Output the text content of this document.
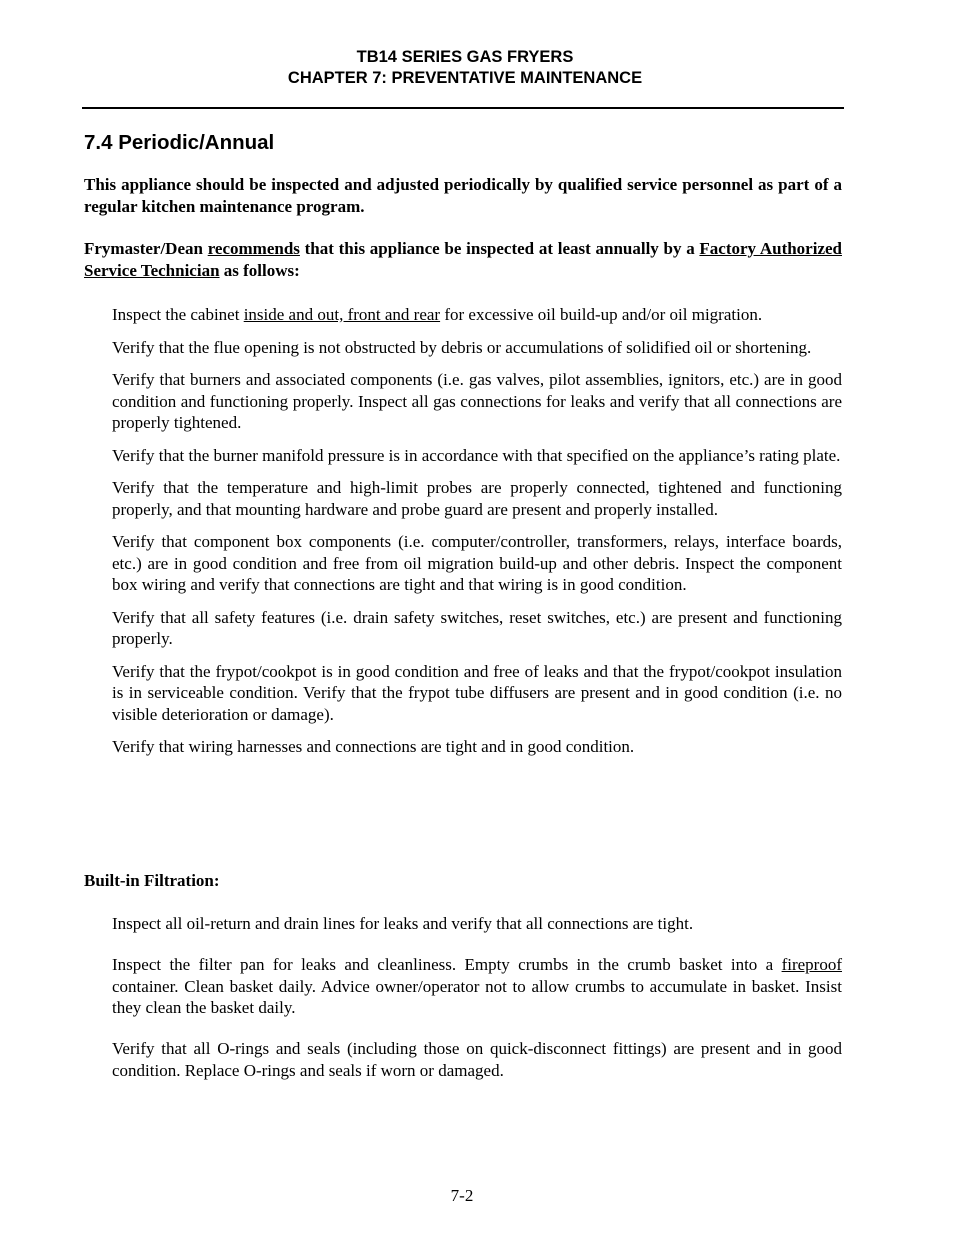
TB14 SERIES GAS FRYERS
CHAPTER 7: PREVENTATIVE MAINTENANCE
7.4 Periodic/Annual

This appliance should be inspected and adjusted periodically by qualified service personnel as part of a regular kitchen maintenance program.

Frymaster/Dean recommends that this appliance be inspected at least annually by a Factory Authorized Service Technician as follows:

Inspect the cabinet inside and out, front and rear for excessive oil build-up and/or oil migration.
Verify that the flue opening is not obstructed by debris or accumulations of solidified oil or shortening.
Verify that burners and associated components (i.e. gas valves, pilot assemblies, ignitors, etc.) are in good condition and functioning properly. Inspect all gas connections for leaks and verify that all connections are properly tightened.
Verify that the burner manifold pressure is in accordance with that specified on the appliance’s rating plate.
Verify that the temperature and high-limit probes are properly connected, tightened and functioning properly, and that mounting hardware and probe guard are present and properly installed.
Verify that component box components (i.e. computer/controller, transformers, relays, interface boards, etc.) are in good condition and free from oil migration build-up and other debris. Inspect the component box wiring and verify that connections are tight and that wiring is in good condition.
Verify that all safety features (i.e. drain safety switches, reset switches, etc.) are present and functioning properly.
Verify that the frypot/cookpot is in good condition and free of leaks and that the frypot/cookpot insulation is in serviceable condition. Verify that the frypot tube diffusers are present and in good condition (i.e. no visible deterioration or damage).
Verify that wiring harnesses and connections are tight and in good condition.

Built-in Filtration:

Inspect all oil-return and drain lines for leaks and verify that all connections are tight.
Inspect the filter pan for leaks and cleanliness. Empty crumbs in the crumb basket into a fireproof container. Clean basket daily. Advice owner/operator not to allow crumbs to accumulate in basket. Insist they clean the basket daily.
Verify that all O-rings and seals (including those on quick-disconnect fittings) are present and in good condition. Replace O-rings and seals if worn or damaged.
7-2
